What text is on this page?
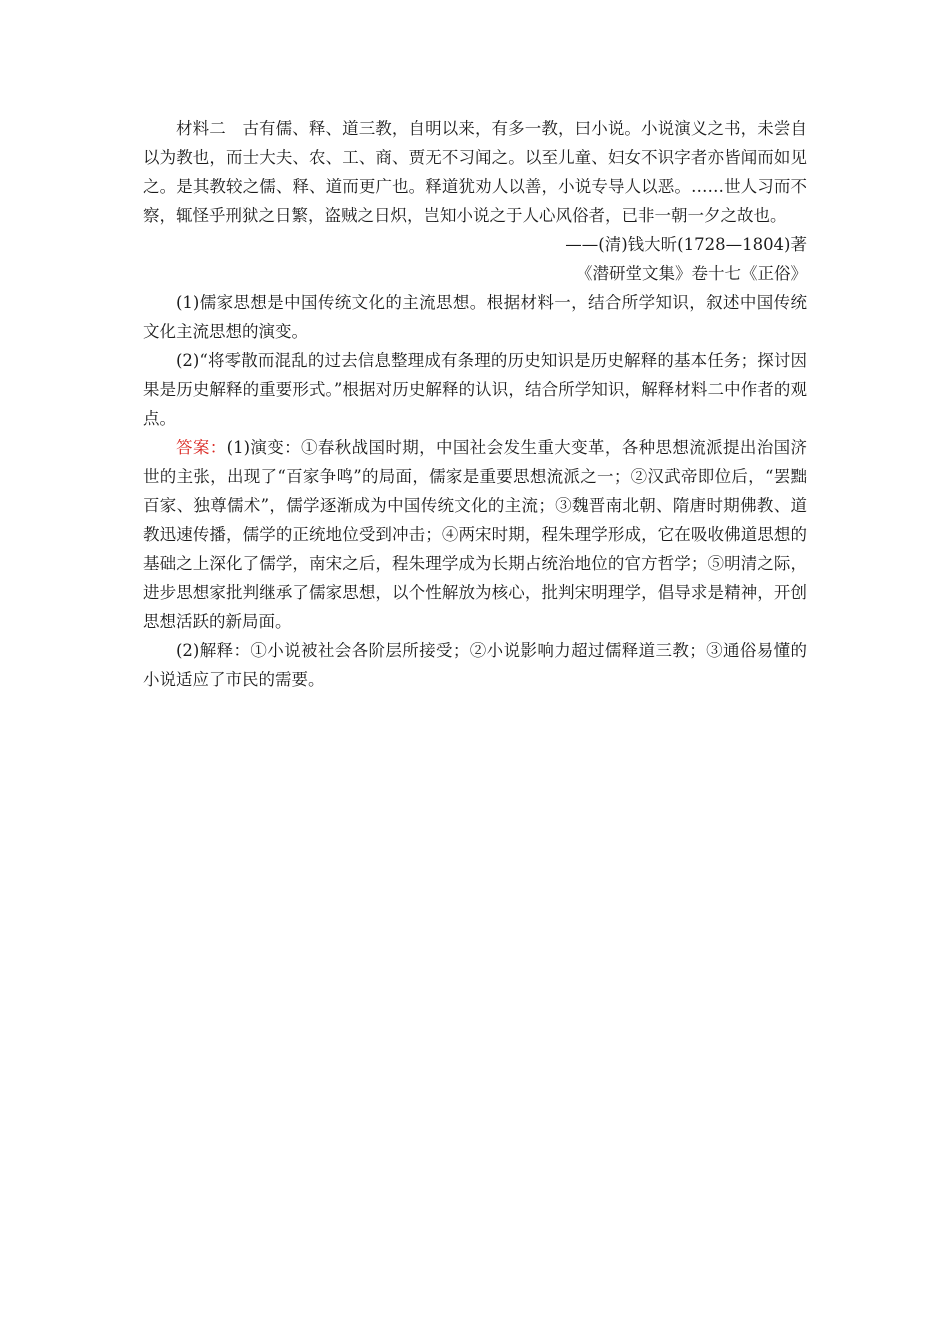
材料二　 古有儒、释、道三教，自明以来，有多一教，曰小说。小说演义之书，未尝自以为教也，而士大夫、农、工、商、贾无不习闻之。以至儿童、妇女不识字者亦皆闻而如见之。是其教较之儒、释、道而更广也。释道犹劝人以善，小说专导人以恶。……世人习而不察，辄怪乎刑狱之日繁，盗贼之日炽，岂知小说之于人心风俗者，已非一朝一夕之故也。

——(清)钱大昕(1728—1804)著

《潜研堂文集》卷十七《正俗》

(1)儒家思想是中国传统文化的主流思想。根据材料一，结合所学知识，叙述中国传统文化主流思想的演变。

(2)“将零散而混乱的过去信息整理成有条理的历史知识是历史解释的基本任务；探讨因果是历史解释的重要形式。”根据对历史解释的认识，结合所学知识，解释材料二中作者的观点。

答案：(1)演变：①春秋战国时期，中国社会发生重大变革，各种思想流派提出治国济世的主张，出现了“百家争鸣”的局面，儒家是重要思想流派之一；②汉武帝即位后，“罢黜百家、独尊儒术”，儒学逐渐成为中国传统文化的主流；③魏晋南北朝、隋唐时期佛教、道教迅速传播，儒学的正统地位受到冲击；④两宋时期，程朱理学形成，它在吸收佛道思想的基础之上深化了儒学，南宋之后，程朱理学成为长期占统治地位的官方哲学；⑤明清之际，进步思想家批判继承了儒家思想，以个性解放为核心，批判宋明理学，倡导求是精神，开创思想活跃的新局面。

(2)解释：①小说被社会各阶层所接受；②小说影响力超过儒释道三教；③通俗易懂的小说适应了市民的需要。
